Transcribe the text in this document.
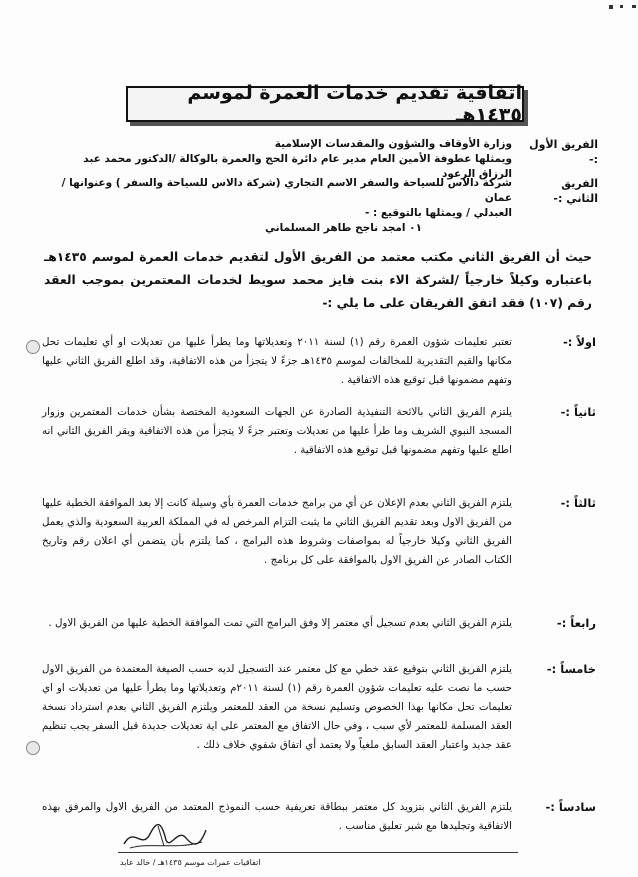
اتفاقية تقديم خدمات العمرة لموسم ١٤٣٥هـ
الفريق الأول :-
وزارة الأوقاف والشؤون والمقدسات الإسلامية
ويمثلها عطوفة الأمين العام مدير عام دائرة الحج والعمرة بالوكالة /الدكتور محمد عبد الرزاق الرعود
الفريق الثاني :-
شركة دالاس للسياحة والسفر الاسم التجاري (شركة دالاس للسياحة والسفر ) وعنوانها / عمان
العبدلي / ويمثلها بالتوقيع : -
٠١ امجد ناجح طاهر المسلماني
حيث أن الفريق الثاني مكتب معتمد من الفريق الأول لتقديم خدمات العمرة لموسم ١٤٣٥هـ باعتباره وكيلاً خارجياً /لشركة الاء بنت فايز محمد سويط لخدمات المعتمرين بموجب العقد رقم (١٠٧) فقد اتفق الفريقان على ما يلي :-
اولاً :-
تعتبر تعليمات شؤون العمرة رقم (١) لسنة ٢٠١١ وتعديلاتها وما يطرأ عليها من تعديلات او أي تعليمات تحل مكانها والقيم التقديرية للمخالفات لموسم ١٤٣٥هـ جزءً لا يتجزأ من هذه الاتفاقية، وقد اطلع الفريق الثاني عليها وتفهم مضمونها قبل توقيع هذه الاتفاقية .
ثانياً :-
يلتزم الفريق الثاني بالائحة التنفيذية الصادرة عن الجهات السعودية المختصة بشأن خدمات المعتمرين وزوار المسجد النبوي الشريف وما طرأ عليها من تعديلات وتعتبر جزءً لا يتجزأ من هذه الاتفاقية ويقر الفريق الثاني انه اطلع عليها وتفهم مضمونها قبل توقيع هذه الاتفاقية .
ثالثاً :-
يلتزم الفريق الثاني بعدم الإعلان عن أي من برامج خدمات العمرة بأي وسيلة كانت إلا بعد الموافقة الخطية عليها من الفريق الاول وبعد تقديم الفريق الثاني ما يثبت التزام المرخص له في المملكة العربية السعودية والذي يعمل الفريق الثاني وكيلا خارجياً له بمواصفات وشروط هذه البرامج ، كما يلتزم بأن يتضمن أي اعلان رقم وتاريخ الكتاب الصادر عن الفريق الاول بالموافقة على كل برنامج .
رابعاً :-
يلتزم الفريق الثاني بعدم تسجيل أي معتمر إلا وفق البرامج التي تمت الموافقة الخطية عليها من الفريق الاول .
خامساً :-
يلتزم الفريق الثاني بتوقيع عقد خطي مع كل معتمر عند التسجيل لديه حسب الصيغة المعتمدة من الفريق الاول حسب ما نصت عليه تعليمات شؤون العمرة رقم (١) لسنة ٢٠١١م وتعديلاتها وما يطرأ عليها من تعديلات او اي تعليمات تحل مكانها بهذا الخصوص وتسليم نسخة من العقد للمعتمر ويلتزم الفريق الثاني بعدم استرداد نسخة العقد المسلمة للمعتمر لأي سبب ، وفي حال الاتفاق مع المعتمر على اية تعديلات جديدة قبل السفر يجب تنظيم عقد جديد واعتبار العقد السابق ملغياً ولا يعتمد أي اتفاق شفوي خلاف ذلك .
سادساً :-
يلتزم الفريق الثاني بتزويد كل معتمر ببطاقة تعريفية حسب النموذج المعتمد من الفريق الاول والمرفق بهذه الاتفاقية وتجليدها مع شبر تعليق مناسب .
اتفاقيات عمرات موسم ١٤٣٥هـ / خالد عابد
